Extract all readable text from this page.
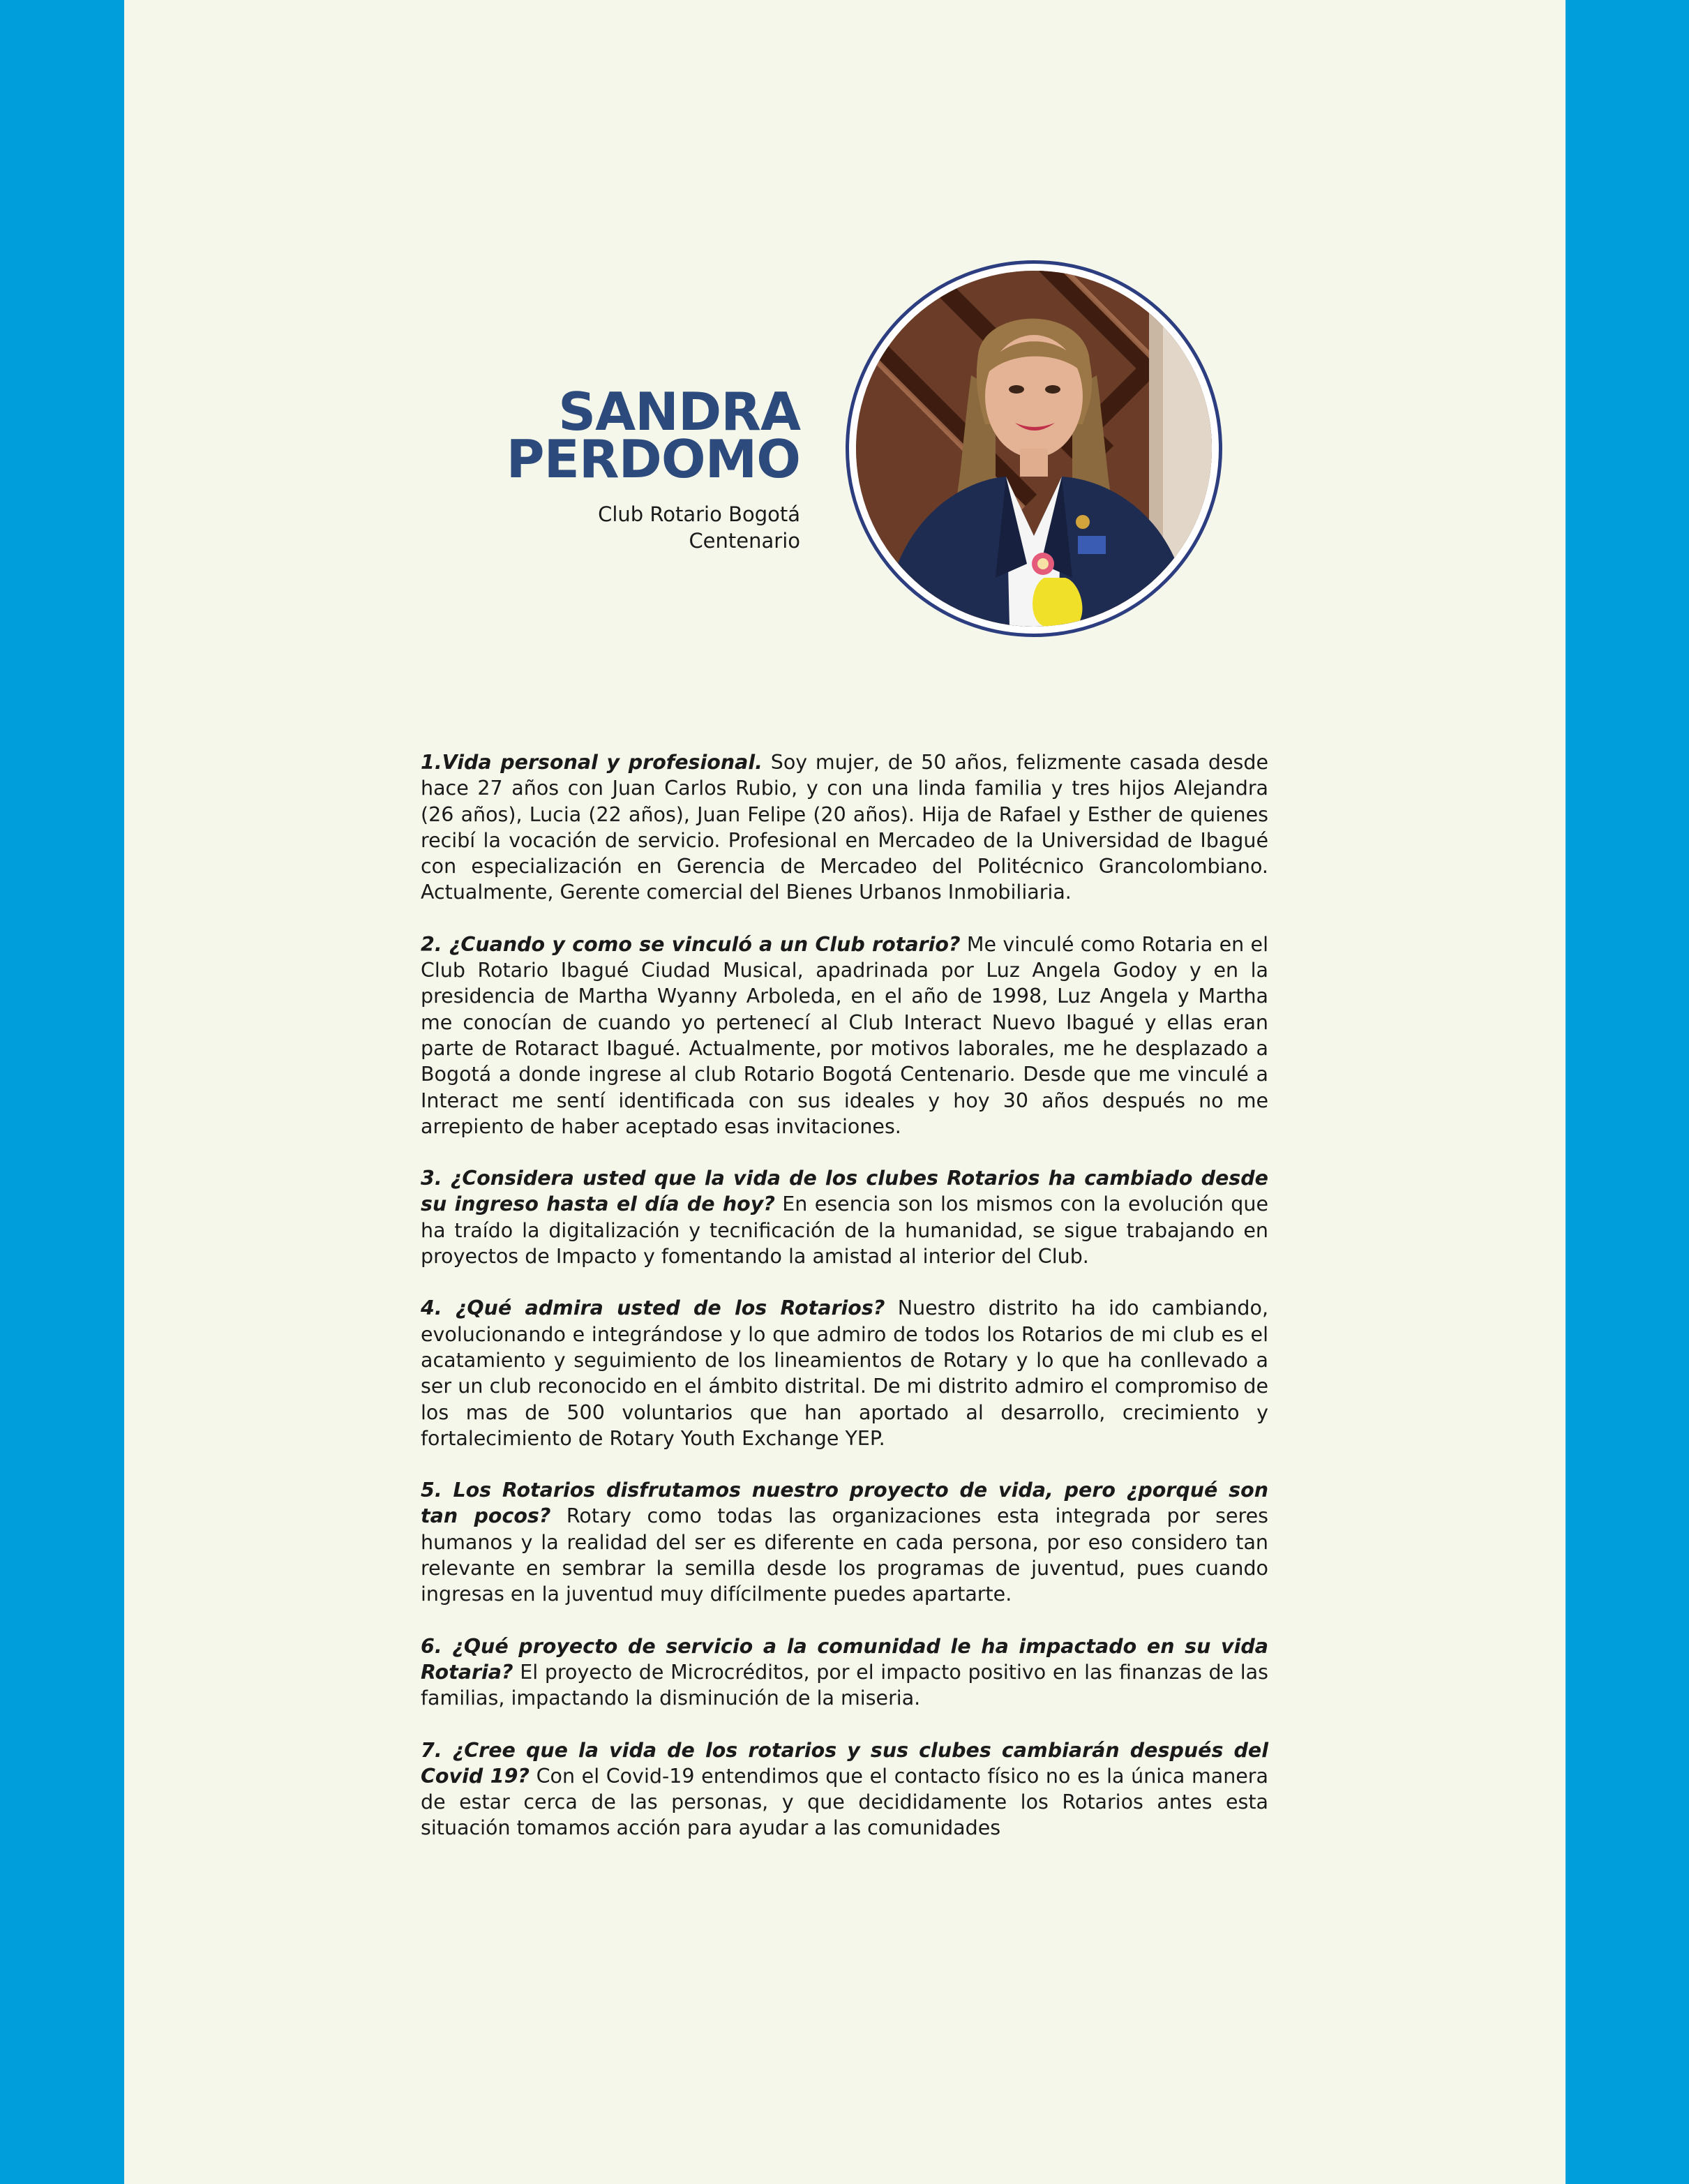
SANDRA
PERDOMO
Club Rotario Bogotá
Centenario

1.Vida personal y profesional. Soy mujer, de 50 años, felizmente casada desde hace 27 años con Juan Carlos Rubio, y con una linda familia y tres hijos Alejandra (26 años), Lucia (22 años), Juan Felipe (20 años). Hija de Rafael y Esther de quienes recibí la vocación de servicio. Profesional en Mercadeo de la Universidad de Ibagué con especialización en Gerencia de Mercadeo del Politécnico Grancolombiano. Actualmente, Gerente comercial del Bienes Urbanos Inmobiliaria.

2. ¿Cuando y como se vinculó a un Club rotario? Me vinculé como Rotaria en el Club Rotario Ibagué Ciudad Musical, apadrinada por Luz Angela Godoy y en la presidencia de Martha Wyanny Arboleda, en el año de 1998, Luz Angela y Martha me conocían de cuando yo pertenecí al Club Interact Nuevo Ibagué y ellas eran parte de Rotaract Ibagué. Actualmente, por motivos laborales, me he desplazado a Bogotá a donde ingrese al club Rotario Bogotá Centenario. Desde que me vinculé a Interact me sentí identificada con sus ideales y hoy 30 años después no me arrepiento de haber aceptado esas invitaciones.

3. ¿Considera usted que la vida de los clubes Rotarios ha cambiado desde su ingreso hasta el día de hoy? En esencia son los mismos con la evolución que ha traído la digitalización y tecnificación de la humanidad, se sigue trabajando en proyectos de Impacto y fomentando la amistad al interior del Club.

4. ¿Qué admira usted de los Rotarios? Nuestro distrito ha ido cambiando, evolucionando e integrándose y lo que admiro de todos los Rotarios de mi club es el acatamiento y seguimiento de los lineamientos de Rotary y lo que ha conllevado a ser un club reconocido en el ámbito distrital. De mi distrito admiro el compromiso de los mas de 500 voluntarios que han aportado al desarrollo, crecimiento y fortalecimiento de Rotary Youth Exchange YEP.

5. Los Rotarios disfrutamos nuestro proyecto de vida, pero ¿porqué son tan pocos? Rotary como todas las organizaciones esta integrada por seres humanos y la realidad del ser es diferente en cada persona, por eso considero tan relevante en sembrar la semilla desde los programas de juventud, pues cuando ingresas en la juventud muy difícilmente puedes apartarte.

6. ¿Qué proyecto de servicio a la comunidad le ha impactado en su vida Rotaria? El proyecto de Microcréditos, por el impacto positivo en las finanzas de las familias, impactando la disminución de la miseria.

7. ¿Cree que la vida de los rotarios y sus clubes cambiarán después del Covid 19? Con el Covid-19 entendimos que el contacto físico no es la única manera de estar cerca de las personas, y que decididamente los Rotarios antes esta situación tomamos acción para ayudar a las comunidades
